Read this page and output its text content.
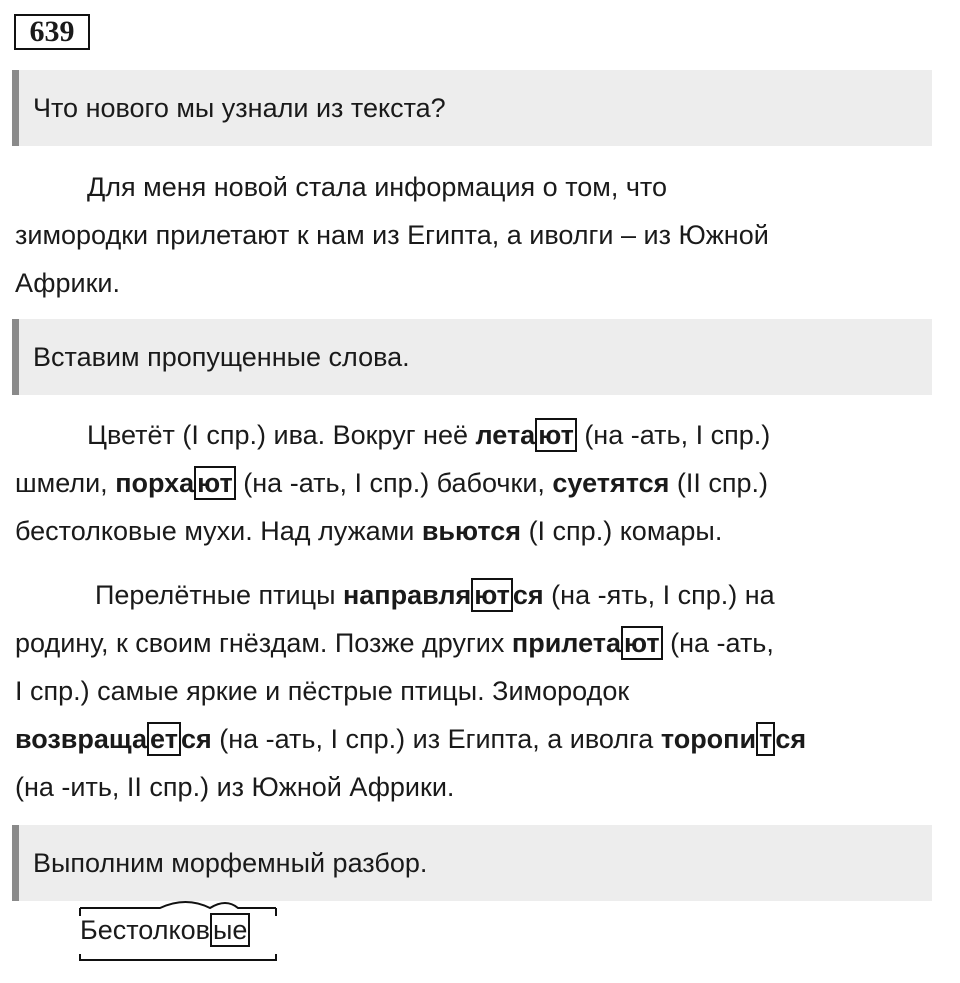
639
Что нового мы узнали из текста?
Для меня новой стала информация о том, что
зимородки прилетают к нам из Египта, а иволги – из Южной
Африки.
Вставим пропущенные слова.
Цветёт (I спр.) ива. Вокруг неё лета ют (на -ать, I спр.)
шмели, порха ют (на -ать, I спр.) бабочки, суетятся (II спр.)
бестолковые мухи. Над лужами вьются (I спр.) комары.
Перелётные птицы направля ют ся (на -ять, I спр.) на
родину, к своим гнёздам. Позже других прилета ют (на -ать,
I спр.) самые яркие и пёстрые птицы. Зимородок
возвраща ет ся (на -ать, I спр.) из Египта, а иволга торопи т ся
(на -ить, II спр.) из Южной Африки.
Выполним морфемный разбор.
Бестолков ые
